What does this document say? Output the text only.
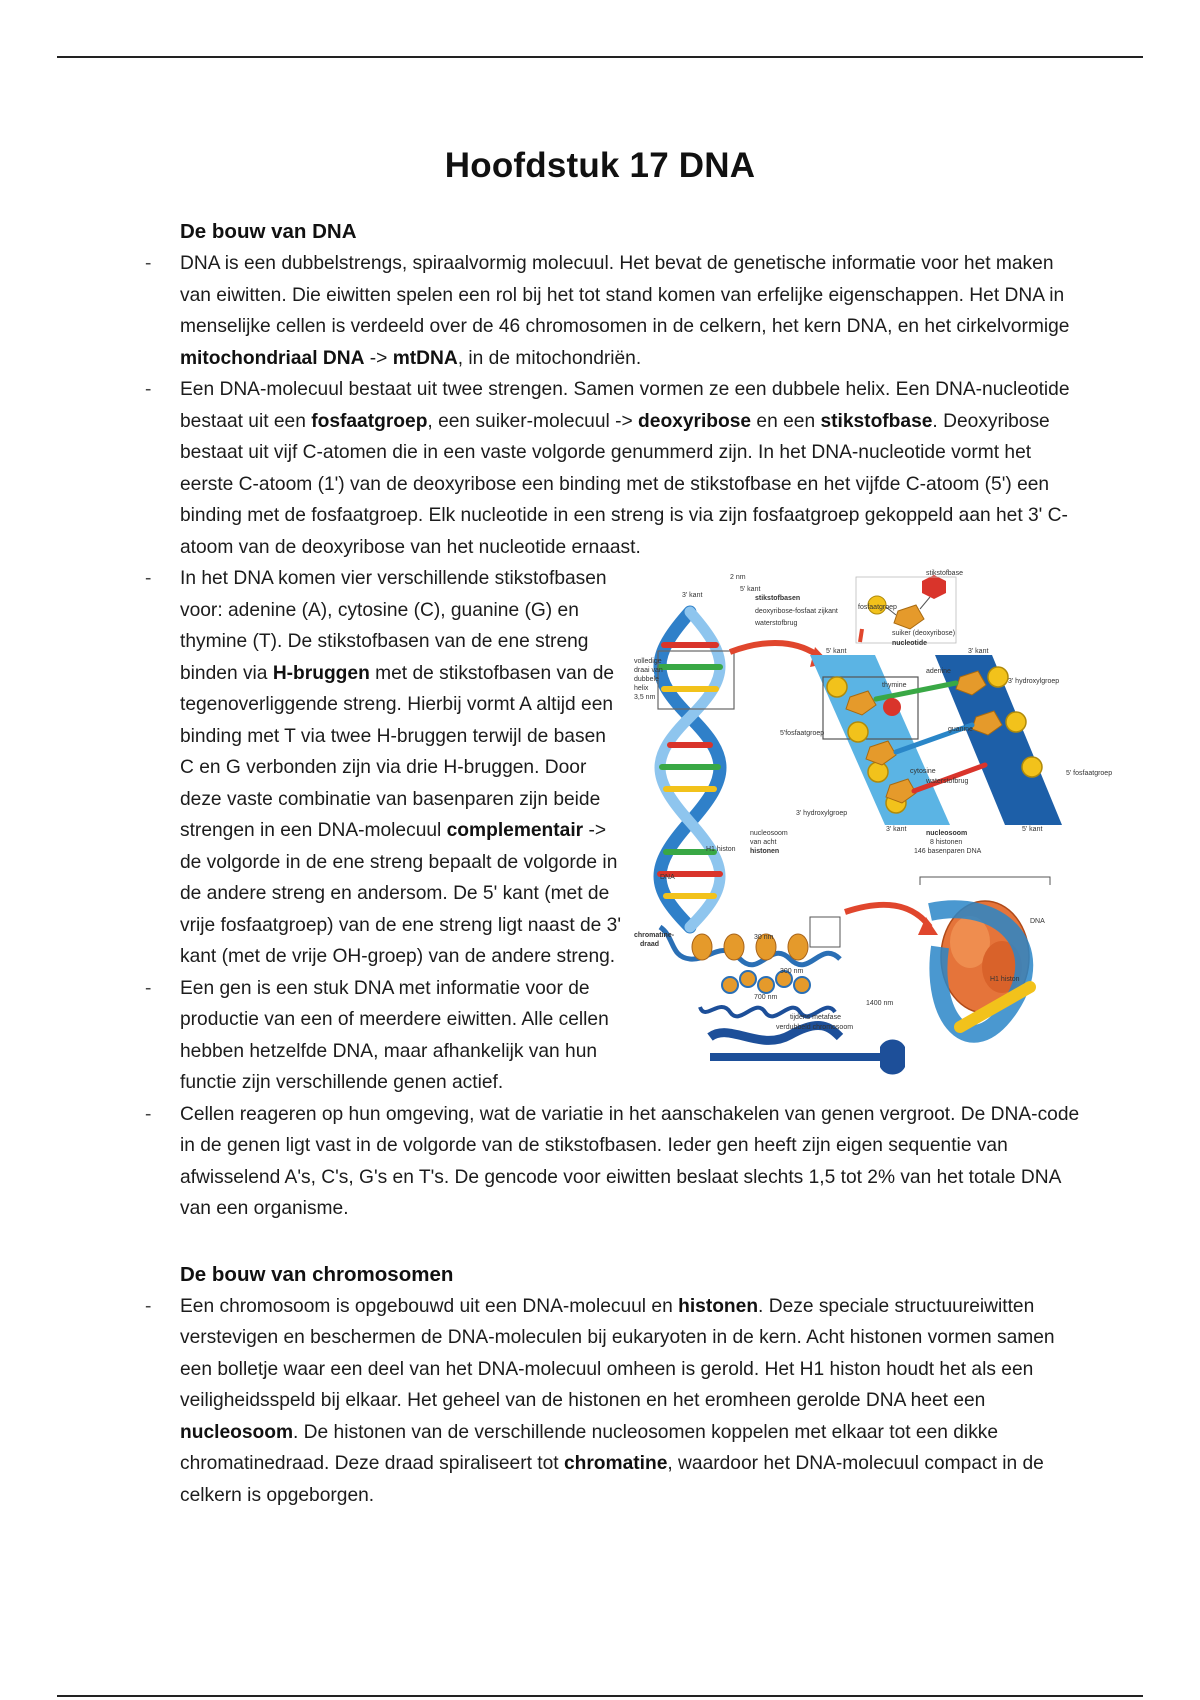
Hoofdstuk 17 DNA
De bouw van DNA
- DNA is een dubbelstrengs, spiraalvormig molecuul. Het bevat de genetische informatie voor het maken van eiwitten. Die eiwitten spelen een rol bij het tot stand komen van erfelijke eigenschappen. Het DNA in menselijke cellen is verdeeld over de 46 chromosomen in de celkern, het kern DNA, en het cirkelvormige mitochondriaal DNA -> mtDNA, in de mitochondriën.
- Een DNA-molecuul bestaat uit twee strengen. Samen vormen ze een dubbele helix. Een DNA-nucleotide bestaat uit een fosfaatgroep, een suiker-molecuul -> deoxyribose en een stikstofbase. Deoxyribose bestaat uit vijf C-atomen die in een vaste volgorde genummerd zijn. In het DNA-nucleotide vormt het eerste C-atoom (1') van de deoxyribose een binding met de stikstofbase en het vijfde C-atoom (5') een binding met de fosfaatgroep. Elk nucleotide in een streng is via zijn fosfaatgroep gekoppeld aan het 3' C-atoom van de deoxyribose van het nucleotide ernaast.
- 2 nm
3' kant
5' kant
stikstofbasen
deoxyribose-fosfaat zijkant
waterstofbrug
volledige
draai van
dubbele
helix
3,5 nm
stikstofbase
fosfaatgroep
suiker (deoxyribose)
nucleotide
5' kant	3' kant
adenine
thymine
3' hydroxylgroep
5'fosfaatgroep
guanine
cytosine
waterstofbrug
5' fosfaatgroep
3' hydroxylgroep
3' kant	5' kant
nucleosoom
van acht
histonen
H1 histon
DNA
nucleosoom
8 histonen
146 basenparen DNA
chromatine-
draad
30 nm
300 nm
700 nm
1400 nm
tijdens metafase
verdubbeld chromosoom
DNA
H1 histon
In het DNA komen vier verschillende stikstofbasen voor: adenine (A), cytosine (C), guanine (G) en thymine (T). De stikstofbasen van de ene streng binden via H-bruggen met de stikstofbasen van de tegenoverliggende streng. Hierbij vormt A altijd een binding met T via twee H-bruggen terwijl de basen C en G verbonden zijn via drie H-bruggen. Door deze vaste combinatie van basenparen zijn beide strengen in een DNA-molecuul complementair -> de volgorde in de ene streng bepaalt de volgorde in de andere streng en andersom. De 5' kant (met de vrije fosfaatgroep) van de ene streng ligt naast de 3' kant (met de vrije OH-groep) van de andere streng.
- Een gen is een stuk DNA met informatie voor de productie van een of meerdere eiwitten. Alle cellen hebben hetzelfde DNA, maar afhankelijk van hun functie zijn verschillende genen actief.
- Cellen reageren op hun omgeving, wat de variatie in het aanschakelen van genen vergroot. De DNA-code in de genen ligt vast in de volgorde van de stikstofbasen. Ieder gen heeft zijn eigen sequentie van afwisselend A's, C's, G's en T's. De gencode voor eiwitten beslaat slechts 1,5 tot 2% van het totale DNA van een organisme.
De bouw van chromosomen
- Een chromosoom is opgebouwd uit een DNA-molecuul en histonen. Deze speciale structuureiwitten verstevigen en beschermen de DNA-moleculen bij eukaryoten in de kern. Acht histonen vormen samen een bolletje waar een deel van het DNA-molecuul omheen is gerold. Het H1 histon houdt het als een veiligheidsspeld bij elkaar. Het geheel van de histonen en het eromheen gerolde DNA heet een nucleosoom. De histonen van de verschillende nucleosomen koppelen met elkaar tot een dikke chromatinedraad. Deze draad spiraliseert tot chromatine, waardoor het DNA-molecuul compact in de celkern is opgeborgen.
